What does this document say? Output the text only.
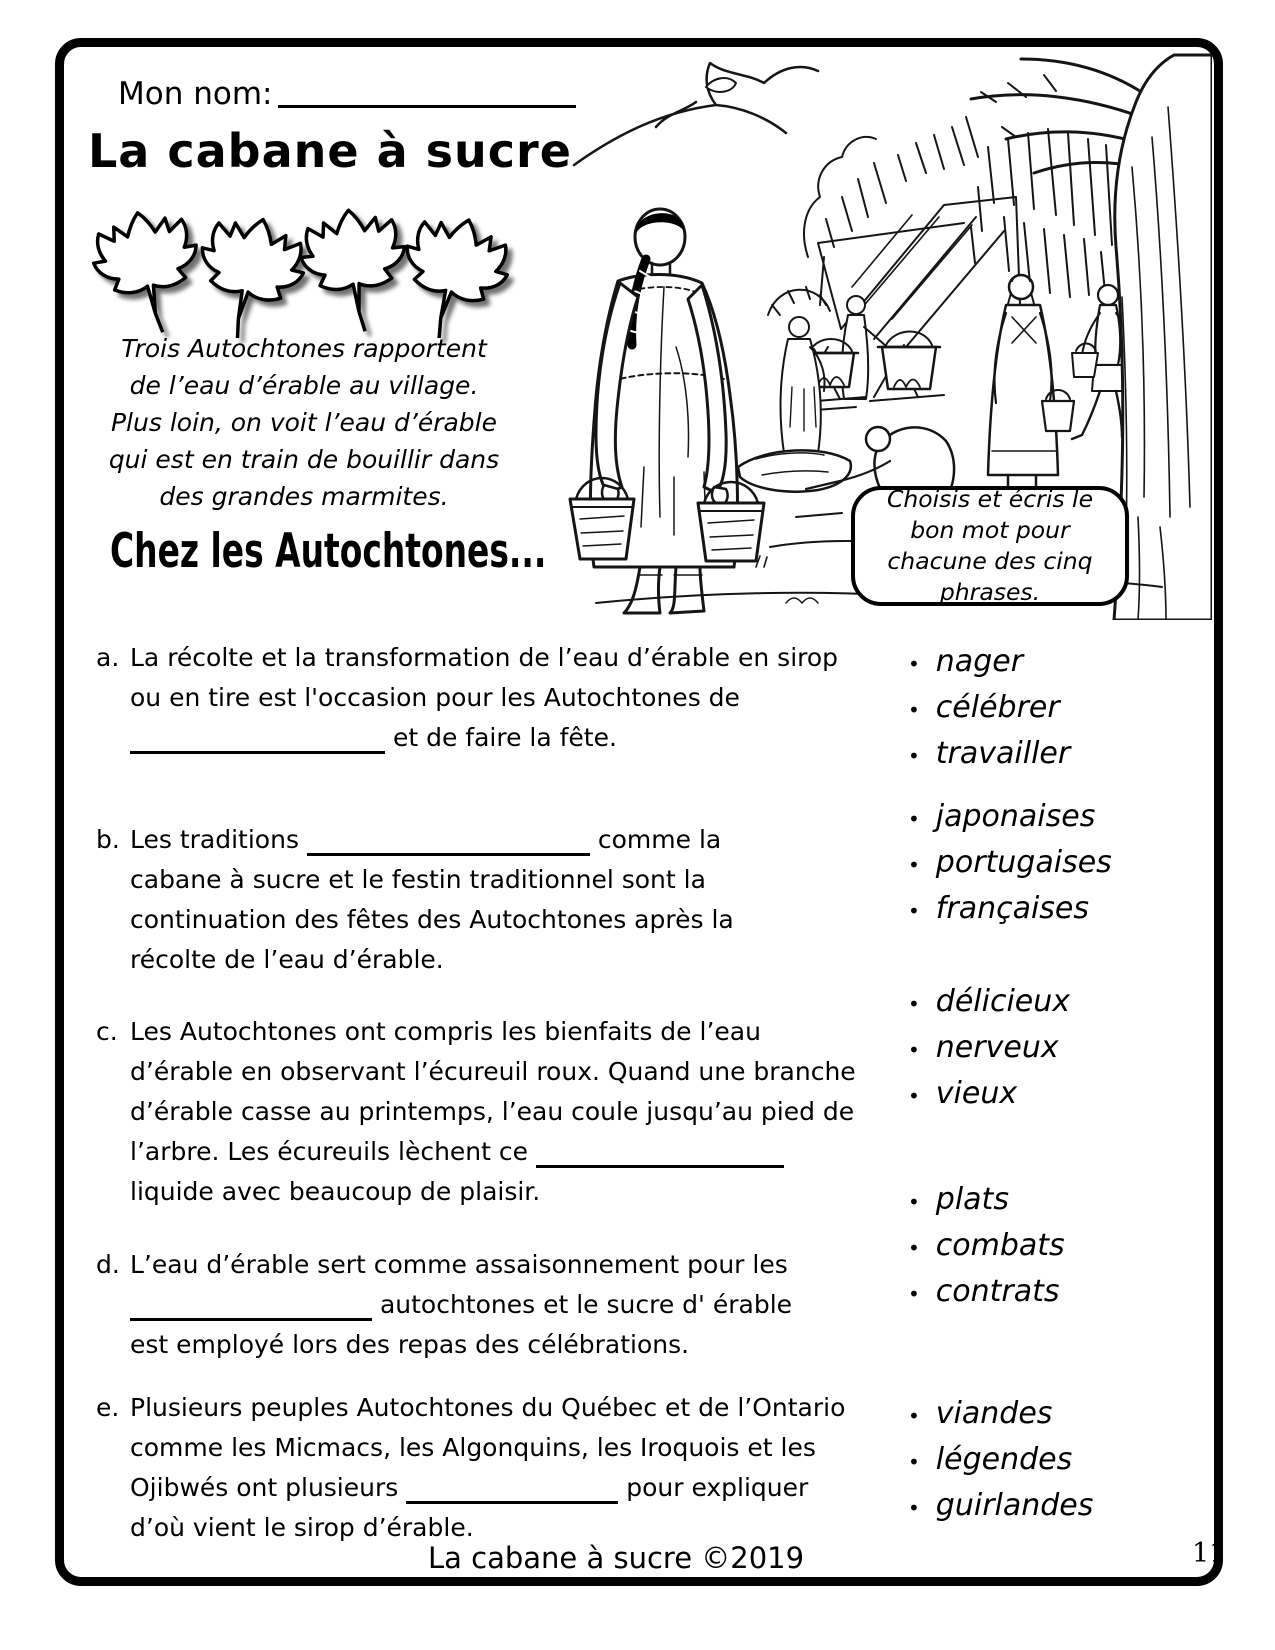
Mon nom:
La cabane à sucre
Trois Autochtones rapportent de l’eau d’érable au village. Plus loin, on voit l’eau d’érable qui est en train de bouillir dans des grandes marmites.
Chez les Autochtones...
Choisis et écris le bon mot pour chacune des cinq phrases.
a. La récolte et la transformation de l’eau d’érable en sirop
ou en tire est l'occasion pour les Autochtones de
et de faire la fête.
b. Les traditions	comme la
cabane à sucre et le festin traditionnel sont la
continuation des fêtes des Autochtones après la
récolte de l’eau d’érable.
c. Les Autochtones ont compris les bienfaits de l’eau
d’érable en observant l’écureuil roux. Quand une branche
d’érable casse au printemps, l’eau coule jusqu’au pied de
l’arbre. Les écureuils lèchent ce
liquide avec beaucoup de plaisir.
d. L’eau d’érable sert comme assaisonnement pour les
autochtones et le sucre d' érable
est employé lors des repas des célébrations.
e. Plusieurs peuples Autochtones du Québec et de l’Ontario
comme les Micmacs, les Algonquins, les Iroquois et les
Ojibwés ont plusieurs	pour expliquer
d’où vient le sirop d’érable.
• nager
• célébrer
• travailler
• japonaises
• portugaises
• françaises
• délicieux
• nerveux
• vieux
• plats
• combats
• contrats
• viandes
• légendes
• guirlandes
La cabane à sucre ©2019	11
